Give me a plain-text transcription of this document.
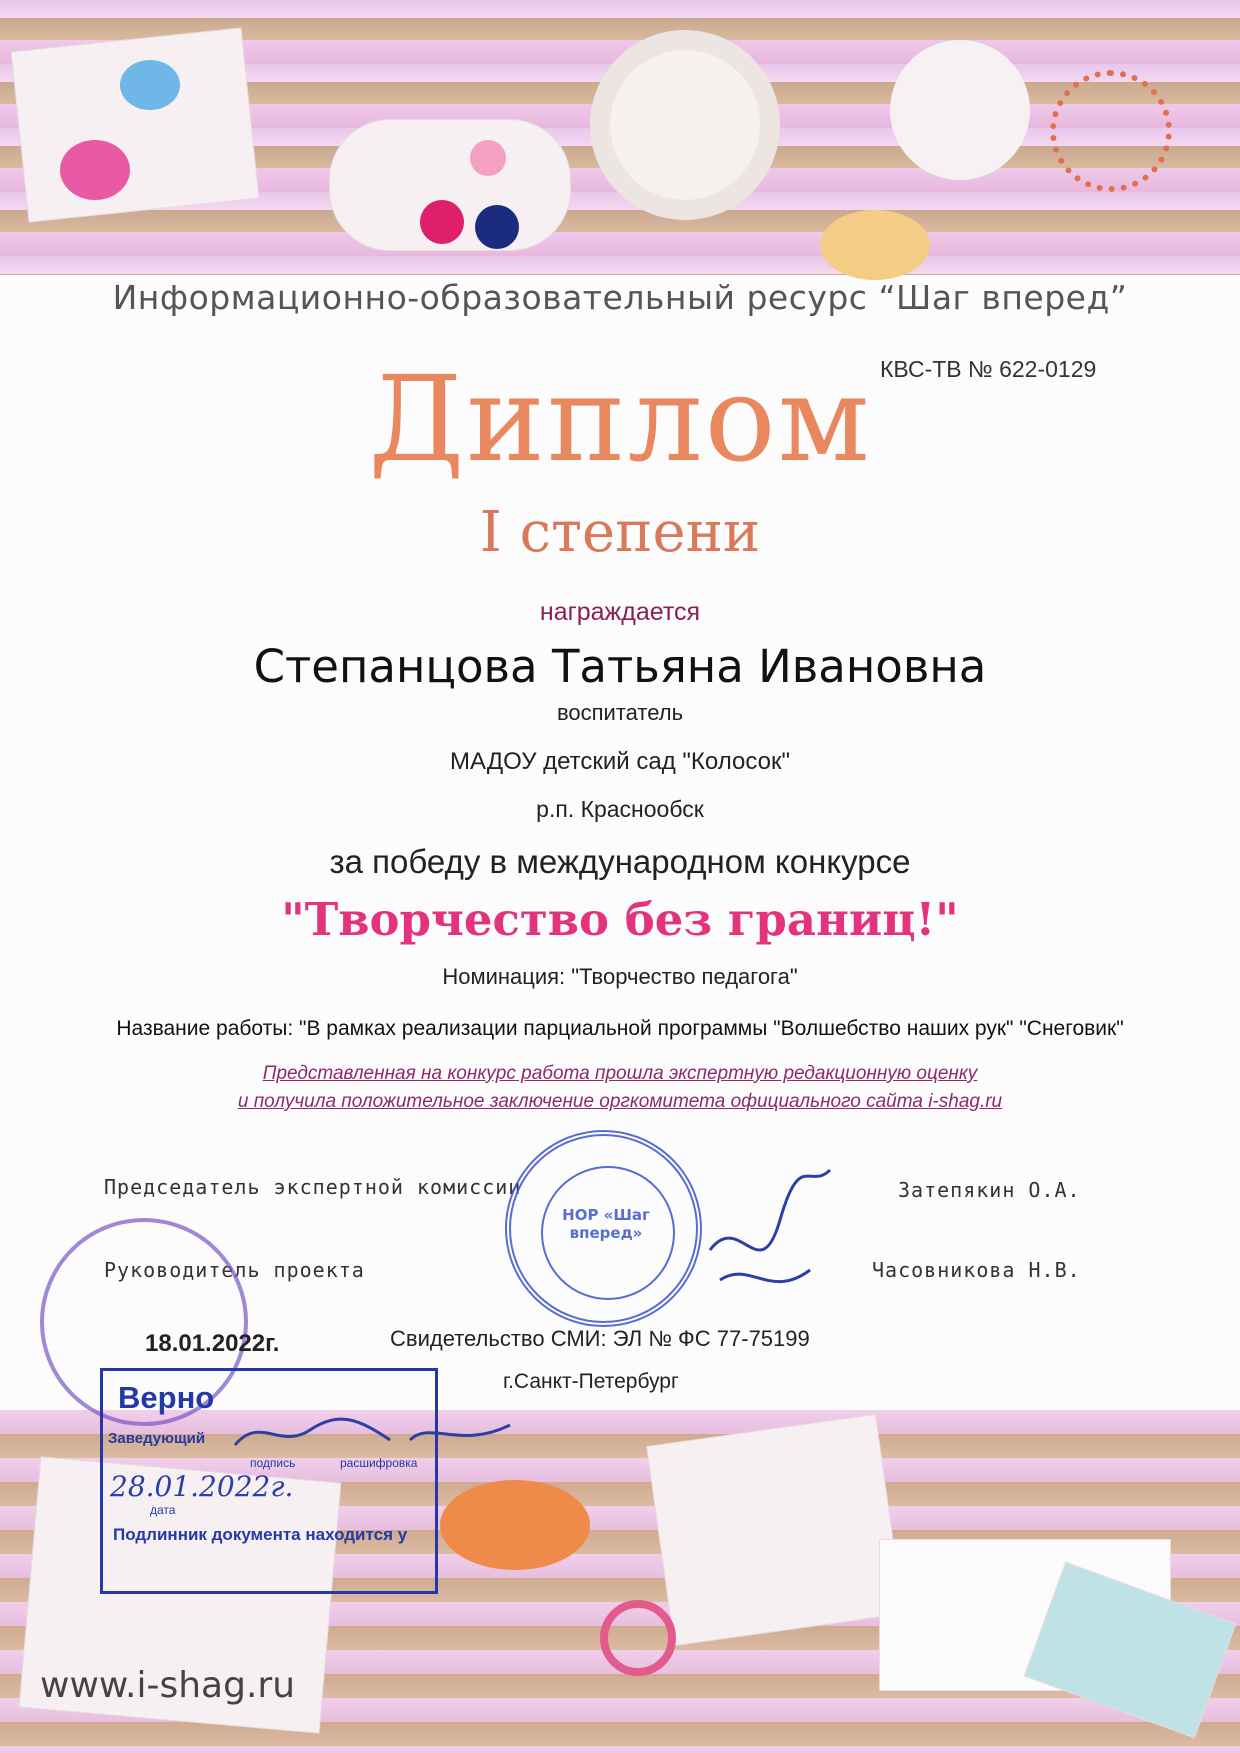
Информационно-образовательный ресурс “Шаг вперед”

КВС-ТВ № 622-0129

Диплом

I степени

награждается

Степанцова Татьяна Ивановна

воспитатель

МАДОУ детский сад "Колосок"

р.п. Краснообск

за победу в международном конкурсе

"Творчество без границ!"

Номинация: "Творчество педагога"

Название работы: "В рамках реализации парциальной программы "Волшебство наших рук" "Снеговик"

Представленная на конкурс работа прошла экспертную редакционную оценку
и получила положительное заключение оргкомитета официального сайта i-shag.ru
Председатель экспертной комиссии	Затепякин О.А.
Руководитель проекта	Часовникова Н.В.
НОР «Шаг вперед»
18.01.2022г.	Свидетельство СМИ: ЭЛ № ФС 77-75199
г.Санкт-Петербург
Верно
Заведующий
подпись	расшифровка
28.01.2022г.
дата
Подлинник документа находится у
www.i-shag.ru
